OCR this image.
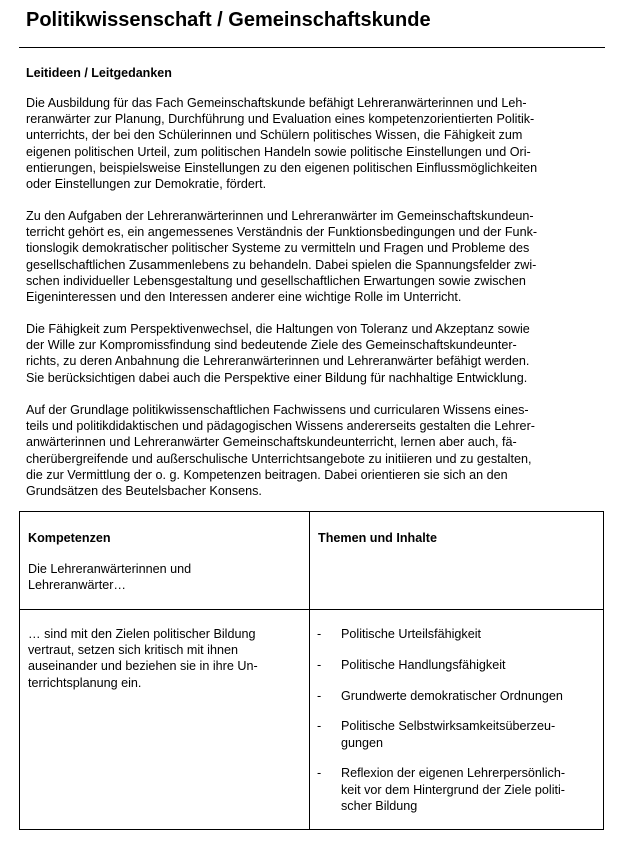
Politikwissenschaft / Gemeinschaftskunde
Leitideen / Leitgedanken

Die Ausbildung für das Fach Gemeinschaftskunde befähigt Lehreranwärterinnen und Leh-
reranwärter zur Planung, Durchführung und Evaluation eines kompetenzorientierten Politik-
unterrichts, der bei den Schülerinnen und Schülern politisches Wissen, die Fähigkeit zum
eigenen politischen Urteil, zum politischen Handeln sowie politische Einstellungen und Ori-
entierungen, beispielsweise Einstellungen zu den eigenen politischen Einflussmöglichkeiten
oder Einstellungen zur Demokratie, fördert.

Zu den Aufgaben der Lehreranwärterinnen und Lehreranwärter im Gemeinschaftskundeun-
terricht gehört es, ein angemessenes Verständnis der Funktionsbedingungen und der Funk-
tionslogik demokratischer politischer Systeme zu vermitteln und Fragen und Probleme des
gesellschaftlichen Zusammenlebens zu behandeln. Dabei spielen die Spannungsfelder zwi-
schen individueller Lebensgestaltung und gesellschaftlichen Erwartungen sowie zwischen
Eigeninteressen und den Interessen anderer eine wichtige Rolle im Unterricht.

Die Fähigkeit zum Perspektivenwechsel, die Haltungen von Toleranz und Akzeptanz sowie
der Wille zur Kompromissfindung sind bedeutende Ziele des Gemeinschaftskundeunter-
richts, zu deren Anbahnung die Lehreranwärterinnen und Lehreranwärter befähigt werden.
Sie berücksichtigen dabei auch die Perspektive einer Bildung für nachhaltige Entwicklung.

Auf der Grundlage politikwissenschaftlichen Fachwissens und curricularen Wissens eines-
teils und politikdidaktischen und pädagogischen Wissens andererseits gestalten die Lehrer-
anwärterinnen und Lehreranwärter Gemeinschaftskundeunterricht, lernen aber auch, fä-
cherübergreifende und außerschulische Unterrichtsangebote zu initiieren und zu gestalten,
die zur Vermittlung der o. g. Kompetenzen beitragen. Dabei orientieren sie sich an den
Grundsätzen des Beutelsbacher Konsens.

Kompetenzen
Die Lehreranwärterinnen und
Lehreranwärter…
Themen und Inhalte
… sind mit den Zielen politischer Bildung
vertraut, setzen sich kritisch mit ihnen
auseinander und beziehen sie in ihre Un-
terrichtsplanung ein.
- Politische Urteilsfähigkeit
- Politische Handlungsfähigkeit
- Grundwerte demokratischer Ordnungen
- Politische Selbstwirksamkeitsüberzeu-
gungen
- Reflexion der eigenen Lehrerpersönlich-
keit vor dem Hintergrund der Ziele politi-
scher Bildung
